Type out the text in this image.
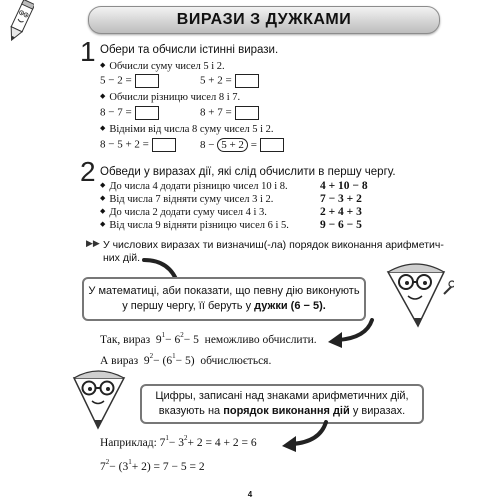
ВИРАЗИ З ДУЖКАМИ
1 Обери та обчисли істинні вирази.
◆ Обчисли суму чисел 5 і 2.
5 − 2 =	5 + 2 =
◆ Обчисли різницю чисел 8 і 7.
8 − 7 =	8 + 7 =
◆ Відніми від числа 8 суму чисел 5 і 2.
8 − 5 + 2 =	8 − 5 + 2 =
2 Обведи у виразах дії, які слід обчислити в першу чергу.
◆ До числа 4 додати різницю чисел 10 і 8.	4 + 10 − 8
◆ Від числа 7 відняти суму чисел 3 і 2.	7 − 3 + 2
◆ До числа 2 додати суму чисел 4 і 3.	2 + 4 + 3
◆ Від числа 9 відняти різницю чисел 6 і 5.	9 − 6 − 5
▶▶ У числових виразах ти визначиш(-ла) порядок виконання арифметич-
них дій.
У математиці, аби показати, що певну дію виконують
у першу чергу, її беруть у дужки (6 − 5).
Так, вираз $9^1- 6^2- 5$ неможливо обчислити.
А вираз $9^2- (6^1- 5)$ обчислюється.
Цифры, записані над знаками арифметичних дій,
вказують на порядок виконання дій у виразах.
Наприклад: $7^1- 3^2+ 2 = 4 + 2 = 6$
$7^2- (3^1+ 2) = 7 - 5 = 2$
4
